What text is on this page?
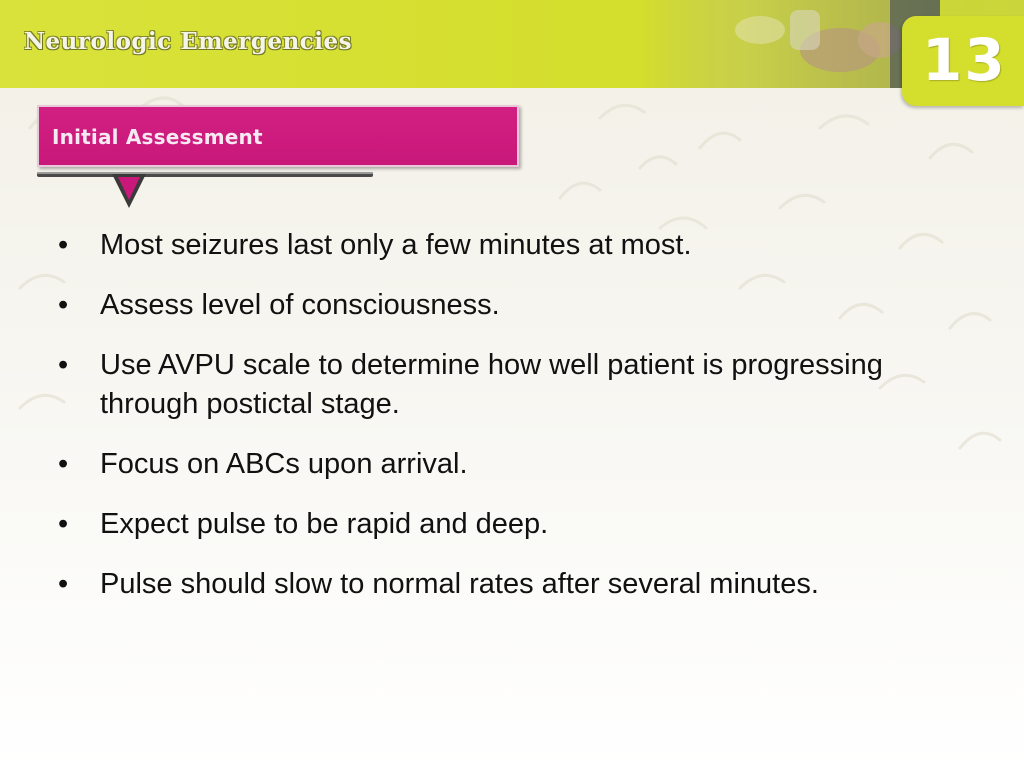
Neurologic Emergencies	13
Initial Assessment
• Most seizures last only a few minutes at most.
• Assess level of consciousness.
• Use AVPU scale to determine how well patient is progressing through postictal stage.
• Focus on ABCs upon arrival.
• Expect pulse to be rapid and deep.
• Pulse should slow to normal rates after several minutes.
